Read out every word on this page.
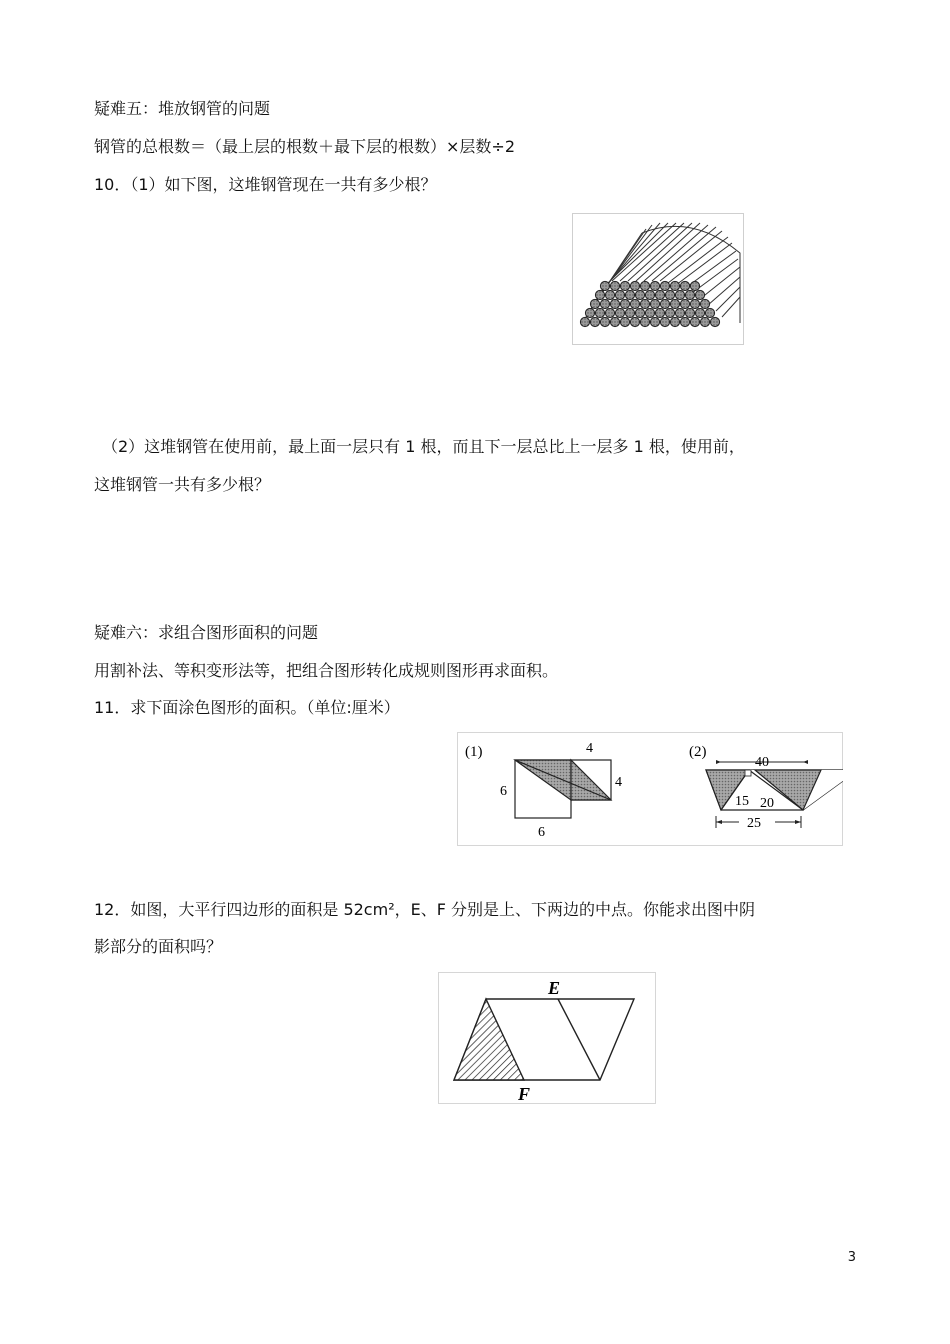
疑难五：堆放钢管的问题
钢管的总根数＝（最上层的根数＋最下层的根数）×层数÷2
10．（1）如下图，这堆钢管现在一共有多少根？
（2）这堆钢管在使用前，最上面一层只有 1 根，而且下一层总比上一层多 1 根，使用前，
这堆钢管一共有多少根？
疑难六：求组合图形面积的问题
用割补法、等积变形法等，把组合图形转化成规则图形再求面积。
11．求下面涂色图形的面积。（单位:厘米）
(1)	4
4
6
6
(2)
40
15 20
25
12．如图，大平行四边形的面积是 52cm²，E、F 分别是上、下两边的中点。你能求出图中阴
影部分的面积吗？
E
F
3
